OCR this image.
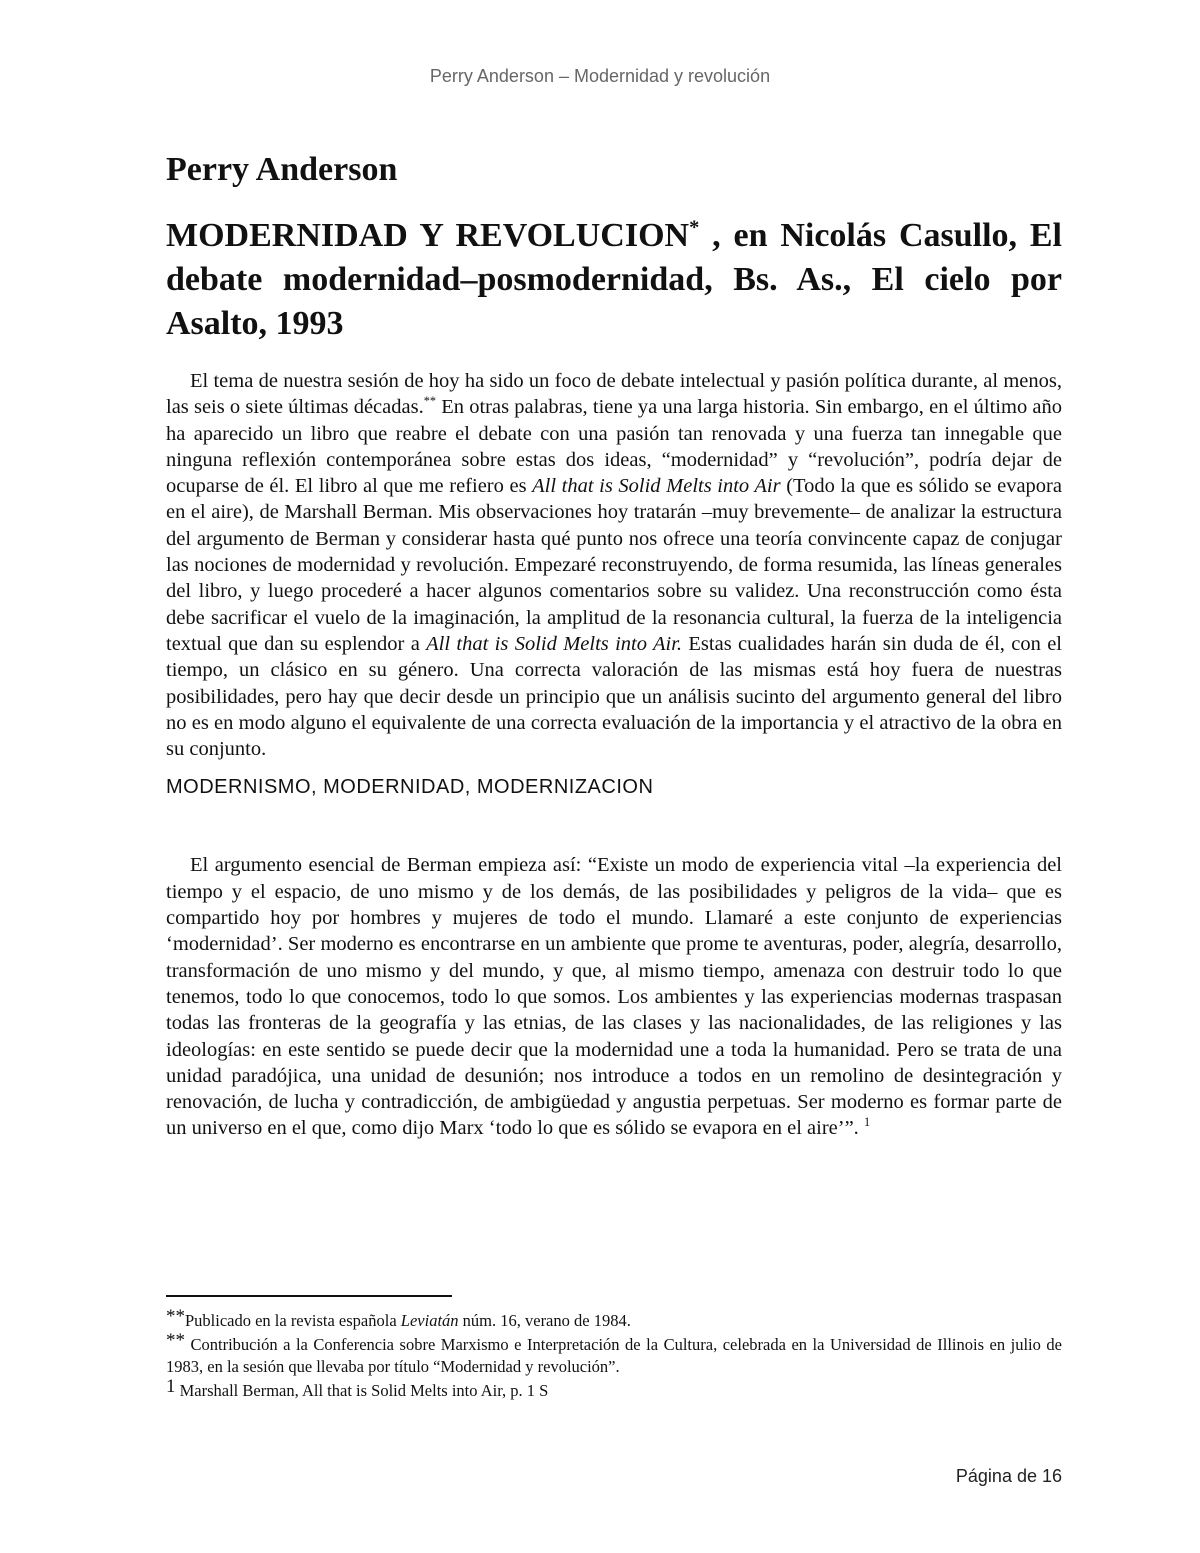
Perry Anderson – Modernidad y revolución
Perry Anderson
MODERNIDAD Y REVOLUCION* , en Nicolás Casullo, El debate modernidad–posmodernidad, Bs. As., El cielo por Asalto, 1993

El tema de nuestra sesión de hoy ha sido un foco de debate intelectual y pasión política durante, al menos, las seis o siete últimas décadas.** En otras palabras, tiene ya una larga historia. Sin embargo, en el último año ha aparecido un libro que reabre el debate con una pasión tan renovada y una fuerza tan innegable que ninguna reflexión contemporánea sobre estas dos ideas, “modernidad” y “revolución”, podría dejar de ocuparse de él. El libro al que me refiero es All that is Solid Melts into Air (Todo la que es sólido se evapora en el aire), de Marshall Berman. Mis observaciones hoy tratarán –muy brevemente– de analizar la estructura del argumento de Berman y considerar hasta qué punto nos ofrece una teoría convincente capaz de conjugar las nociones de modernidad y revolución. Empezaré reconstruyendo, de forma resumida, las líneas generales del libro, y luego procederé a hacer algunos comentarios sobre su validez. Una reconstrucción como ésta debe sacrificar el vuelo de la imaginación, la amplitud de la resonancia cultural, la fuerza de la inteligencia textual que dan su esplendor a All that is Solid Melts into Air. Estas cualidades harán sin duda de él, con el tiempo, un clásico en su género. Una correcta valoración de las mismas está hoy fuera de nuestras posibilidades, pero hay que decir desde un principio que un análisis sucinto del argumento general del libro no es en modo alguno el equivalente de una correcta evaluación de la importancia y el atractivo de la obra en su conjunto.

MODERNISMO, MODERNIDAD, MODERNIZACION

El argumento esencial de Berman empieza así: “Existe un modo de experiencia vital –la experiencia del tiempo y el espacio, de uno mismo y de los demás, de las posibilidades y peligros de la vida– que es compartido hoy por hombres y mujeres de todo el mundo. Llamaré a este conjunto de experiencias ‘modernidad’. Ser moderno es encontrarse en un ambiente que prome te aventuras, poder, alegría, desarrollo, transformación de uno mismo y del mundo, y que, al mismo tiempo, amenaza con destruir todo lo que tenemos, todo lo que conocemos, todo lo que somos. Los ambientes y las experiencias modernas traspasan todas las fronteras de la geografía y las etnias, de las clases y las nacionalidades, de las religiones y las ideologías: en este sentido se puede decir que la modernidad une a toda la humanidad. Pero se trata de una unidad paradójica, una unidad de desunión; nos introduce a todos en un remolino de desintegración y renovación, de lucha y contradicción, de ambigüedad y angustia perpetuas. Ser moderno es formar parte de un universo en el que, como dijo Marx ‘todo lo que es sólido se evapora en el aire’”. $^1$

**Publicado en la revista española Leviatán núm. 16, verano de 1984.

** Contribución a la Conferencia sobre Marxismo e Interpretación de la Cultura, celebrada en la Universidad de Illinois en julio de 1983, en la sesión que llevaba por título “Modernidad y revolución”.

$^1$ Marshall Berman, All that is Solid Melts into Air, p. 1 S

Página de 16
